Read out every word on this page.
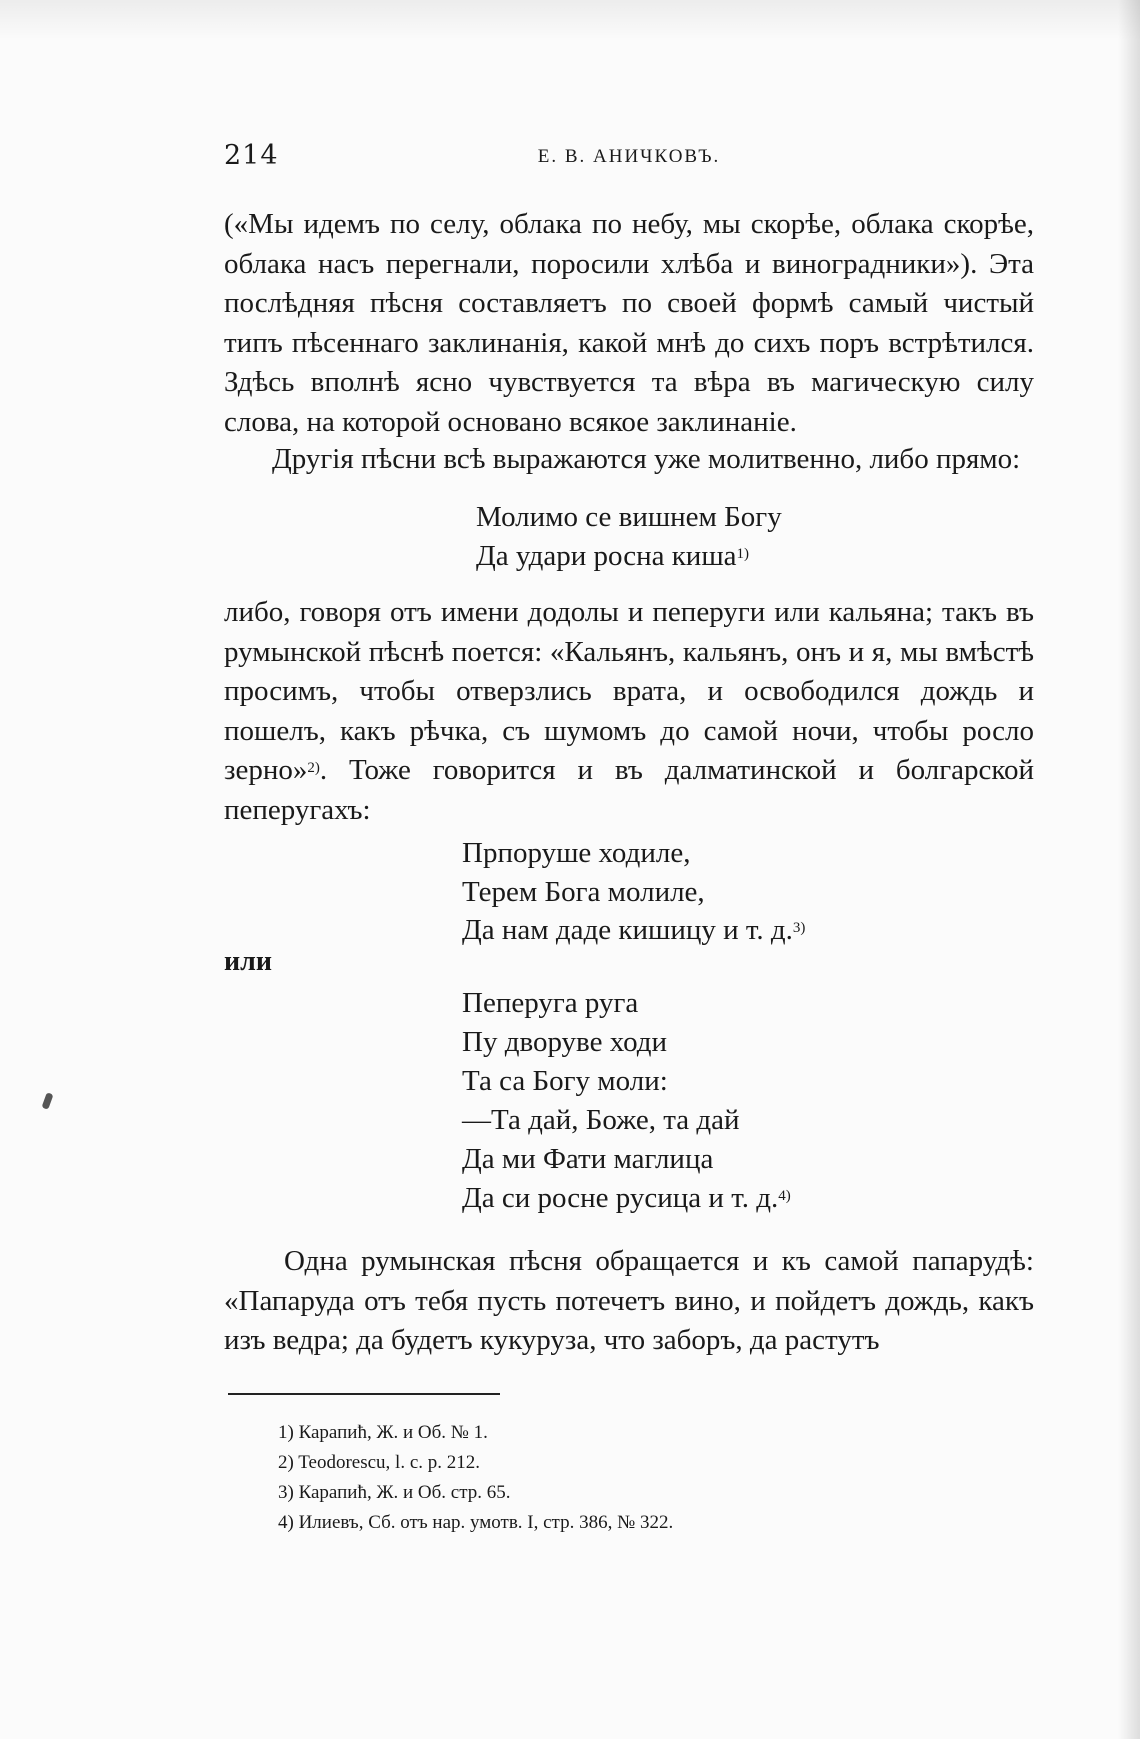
214	Е. В. АНИЧКОВЪ.

(«Мы идемъ по селу, облака по небу, мы скорѣе, облака скорѣе, облака насъ перегнали, поросили хлѣба и виноградники»). Эта послѣдняя пѣсня составляетъ по своей формѣ самый чистый типъ пѣсеннаго заклинанія, какой мнѣ до сихъ поръ встрѣтился. Здѣсь вполнѣ ясно чувствуется та вѣра въ магическую силу слова, на которой основано всякое заклинаніе.

Другія пѣсни всѣ выражаются уже молитвенно, либо прямо:

Молимо се вишнем Богу
Да удари росна киша$^{1)}$

либо, говоря отъ имени додолы и пеперуги или кальяна; такъ въ румынской пѣснѣ поется: «Кальянъ, кальянъ, онъ и я, мы вмѣстѣ просимъ, чтобы отверзлись врата, и освободился дождь и пошелъ, какъ рѣчка, съ шумомъ до самой ночи, чтобы росло зерно»$^{2)}$. Тоже говорится и въ далматинской и болгарской пеперугахъ:

Прпоруше ходиле,
Терем Бога молиле,
Да нам даде кишицу и т. д.$^{3)}$
или
Пеперуга руга
Пу дворуве ходи
Та са Богу моли:
—Та дай, Боже, та дай
Да ми Фати маглица
Да си росне русица и т. д.$^{4)}$

Одна румынская пѣсня обращается и къ самой папарудѣ: «Папаруда отъ тебя пусть потечетъ вино, и пойдетъ дождь, какъ изъ ведра; да будетъ кукуруза, что заборъ, да растутъ

1) Карапиħ, Ж. и Об. № 1.
2) Teodorescu, l. c. p. 212.
3) Карапиħ, Ж. и Об. стр. 65.
4) Илиевъ, Сб. отъ нар. умотв. I, стр. 386, № 322.
